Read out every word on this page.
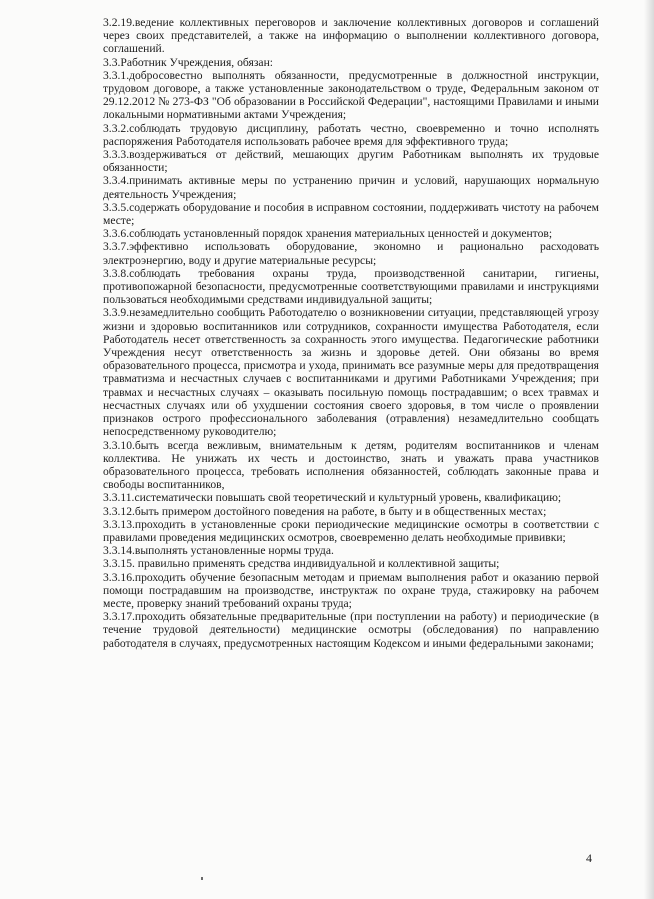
3.2.19.ведение коллективных переговоров и заключение коллективных договоров и соглашений через своих представителей, а также на информацию о выполнении коллективного договора, соглашений.

3.3.Работник Учреждения, обязан:

3.3.1.добросовестно выполнять обязанности, предусмотренные в должностной инструкции, трудовом договоре, а также установленные законодательством о труде, Федеральным законом от 29.12.2012 № 273-ФЗ "Об образовании в Российской Федерации", настоящими Правилами и иными локальными нормативными актами Учреждения;

3.3.2.соблюдать трудовую дисциплину, работать честно, своевременно и точно исполнять распоряжения Работодателя использовать рабочее время для эффективного труда;

3.3.3.воздерживаться от действий, мешающих другим Работникам выполнять их трудовые обязанности;

3.3.4.принимать активные меры по устранению причин и условий, нарушающих нормальную деятельность Учреждения;

3.3.5.содержать оборудование и пособия в исправном состоянии, поддерживать чистоту на рабочем месте;

3.3.6.соблюдать установленный порядок хранения материальных ценностей и документов;

3.3.7.эффективно использовать оборудование, экономно и рационально расходовать электроэнергию, воду и другие материальные ресурсы;

3.3.8.соблюдать требования охраны труда, производственной санитарии, гигиены, противопожарной безопасности, предусмотренные соответствующими правилами и инструкциями пользоваться необходимыми средствами индивидуальной защиты;

3.3.9.незамедлительно сообщить Работодателю о возникновении ситуации, представляющей угрозу жизни и здоровью воспитанников или сотрудников, сохранности имущества Работодателя, если Работодатель несет ответственность за сохранность этого имущества. Педагогические работники Учреждения несут ответственность за жизнь и здоровье детей. Они обязаны во время образовательного процесса, присмотра и ухода, принимать все разумные меры для предотвращения травматизма и несчастных случаев с воспитанниками и другими Работниками Учреждения; при травмах и несчастных случаях – оказывать посильную помощь пострадавшим; о всех травмах и несчастных случаях или об ухудшении состояния своего здоровья, в том числе о проявлении признаков острого профессионального заболевания (отравления) незамедлительно сообщать непосредственному руководителю;

3.3.10.быть всегда вежливым, внимательным к детям, родителям воспитанников и членам коллектива. Не унижать их честь и достоинство, знать и уважать права участников образовательного процесса, требовать исполнения обязанностей, соблюдать законные права и свободы воспитанников,

3.3.11.систематически повышать свой теоретический и культурный уровень, квалификацию;

3.3.12.быть примером достойного поведения на работе, в быту и в общественных местах;

3.3.13.проходить в установленные сроки периодические медицинские осмотры в соответствии с правилами проведения медицинских осмотров, своевременно делать необходимые прививки;

3.3.14.выполнять установленные нормы труда.

3.3.15. правильно применять средства индивидуальной и коллективной защиты;

3.3.16.проходить обучение безопасным методам и приемам выполнения работ и оказанию первой помощи пострадавшим на производстве, инструктаж по охране труда, стажировку на рабочем месте, проверку знаний требований охраны труда;

3.3.17.проходить обязательные предварительные (при поступлении на работу) и периодические (в течение трудовой деятельности) медицинские осмотры (обследования) по направлению работодателя в случаях, предусмотренных настоящим Кодексом и иными федеральными законами;

4
